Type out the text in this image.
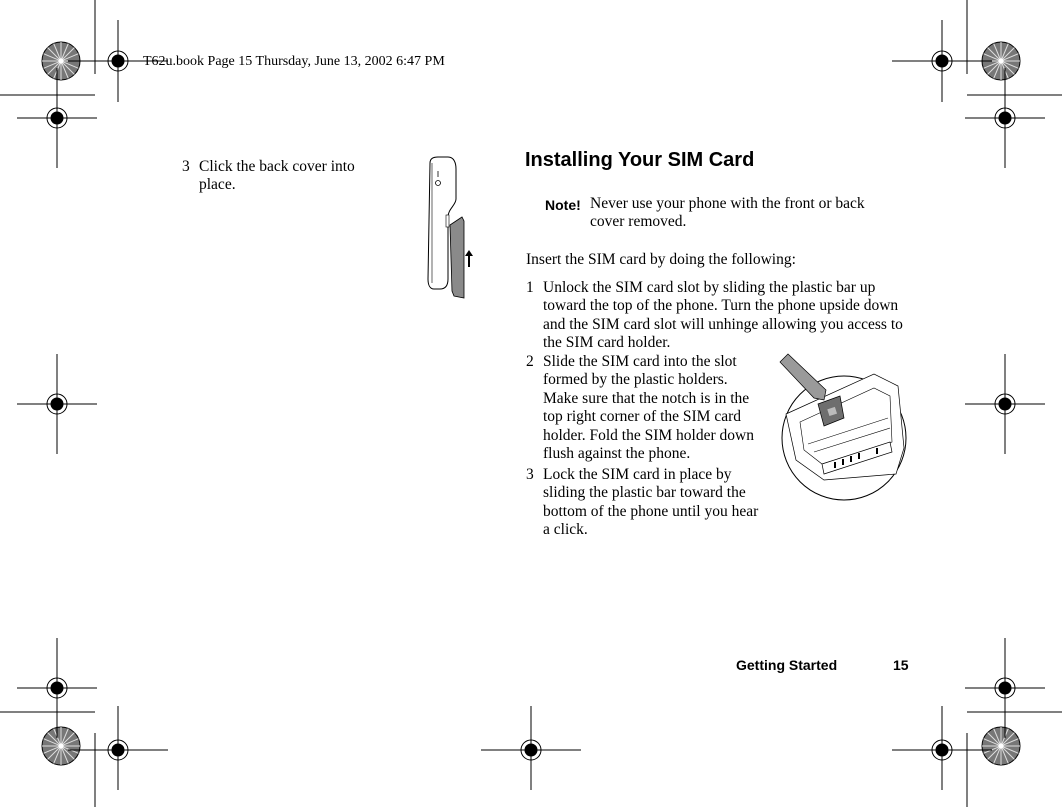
T62u.book Page 15 Thursday, June 13, 2002 6:47 PM
3 Click the back cover into place.
Installing Your SIM Card
Note! Never use your phone with the front or back cover removed.
Insert the SIM card by doing the following:
1 Unlock the SIM card slot by sliding the plastic bar up toward the top of the phone. Turn the phone upside down and the SIM card slot will unhinge allowing you access to the SIM card holder.
2 Slide the SIM card into the slot formed by the plastic holders. Make sure that the notch is in the top right corner of the SIM card holder. Fold the SIM holder down flush against the phone.
3 Lock the SIM card in place by sliding the plastic bar toward the bottom of the phone until you hear a click.
Getting Started	15
